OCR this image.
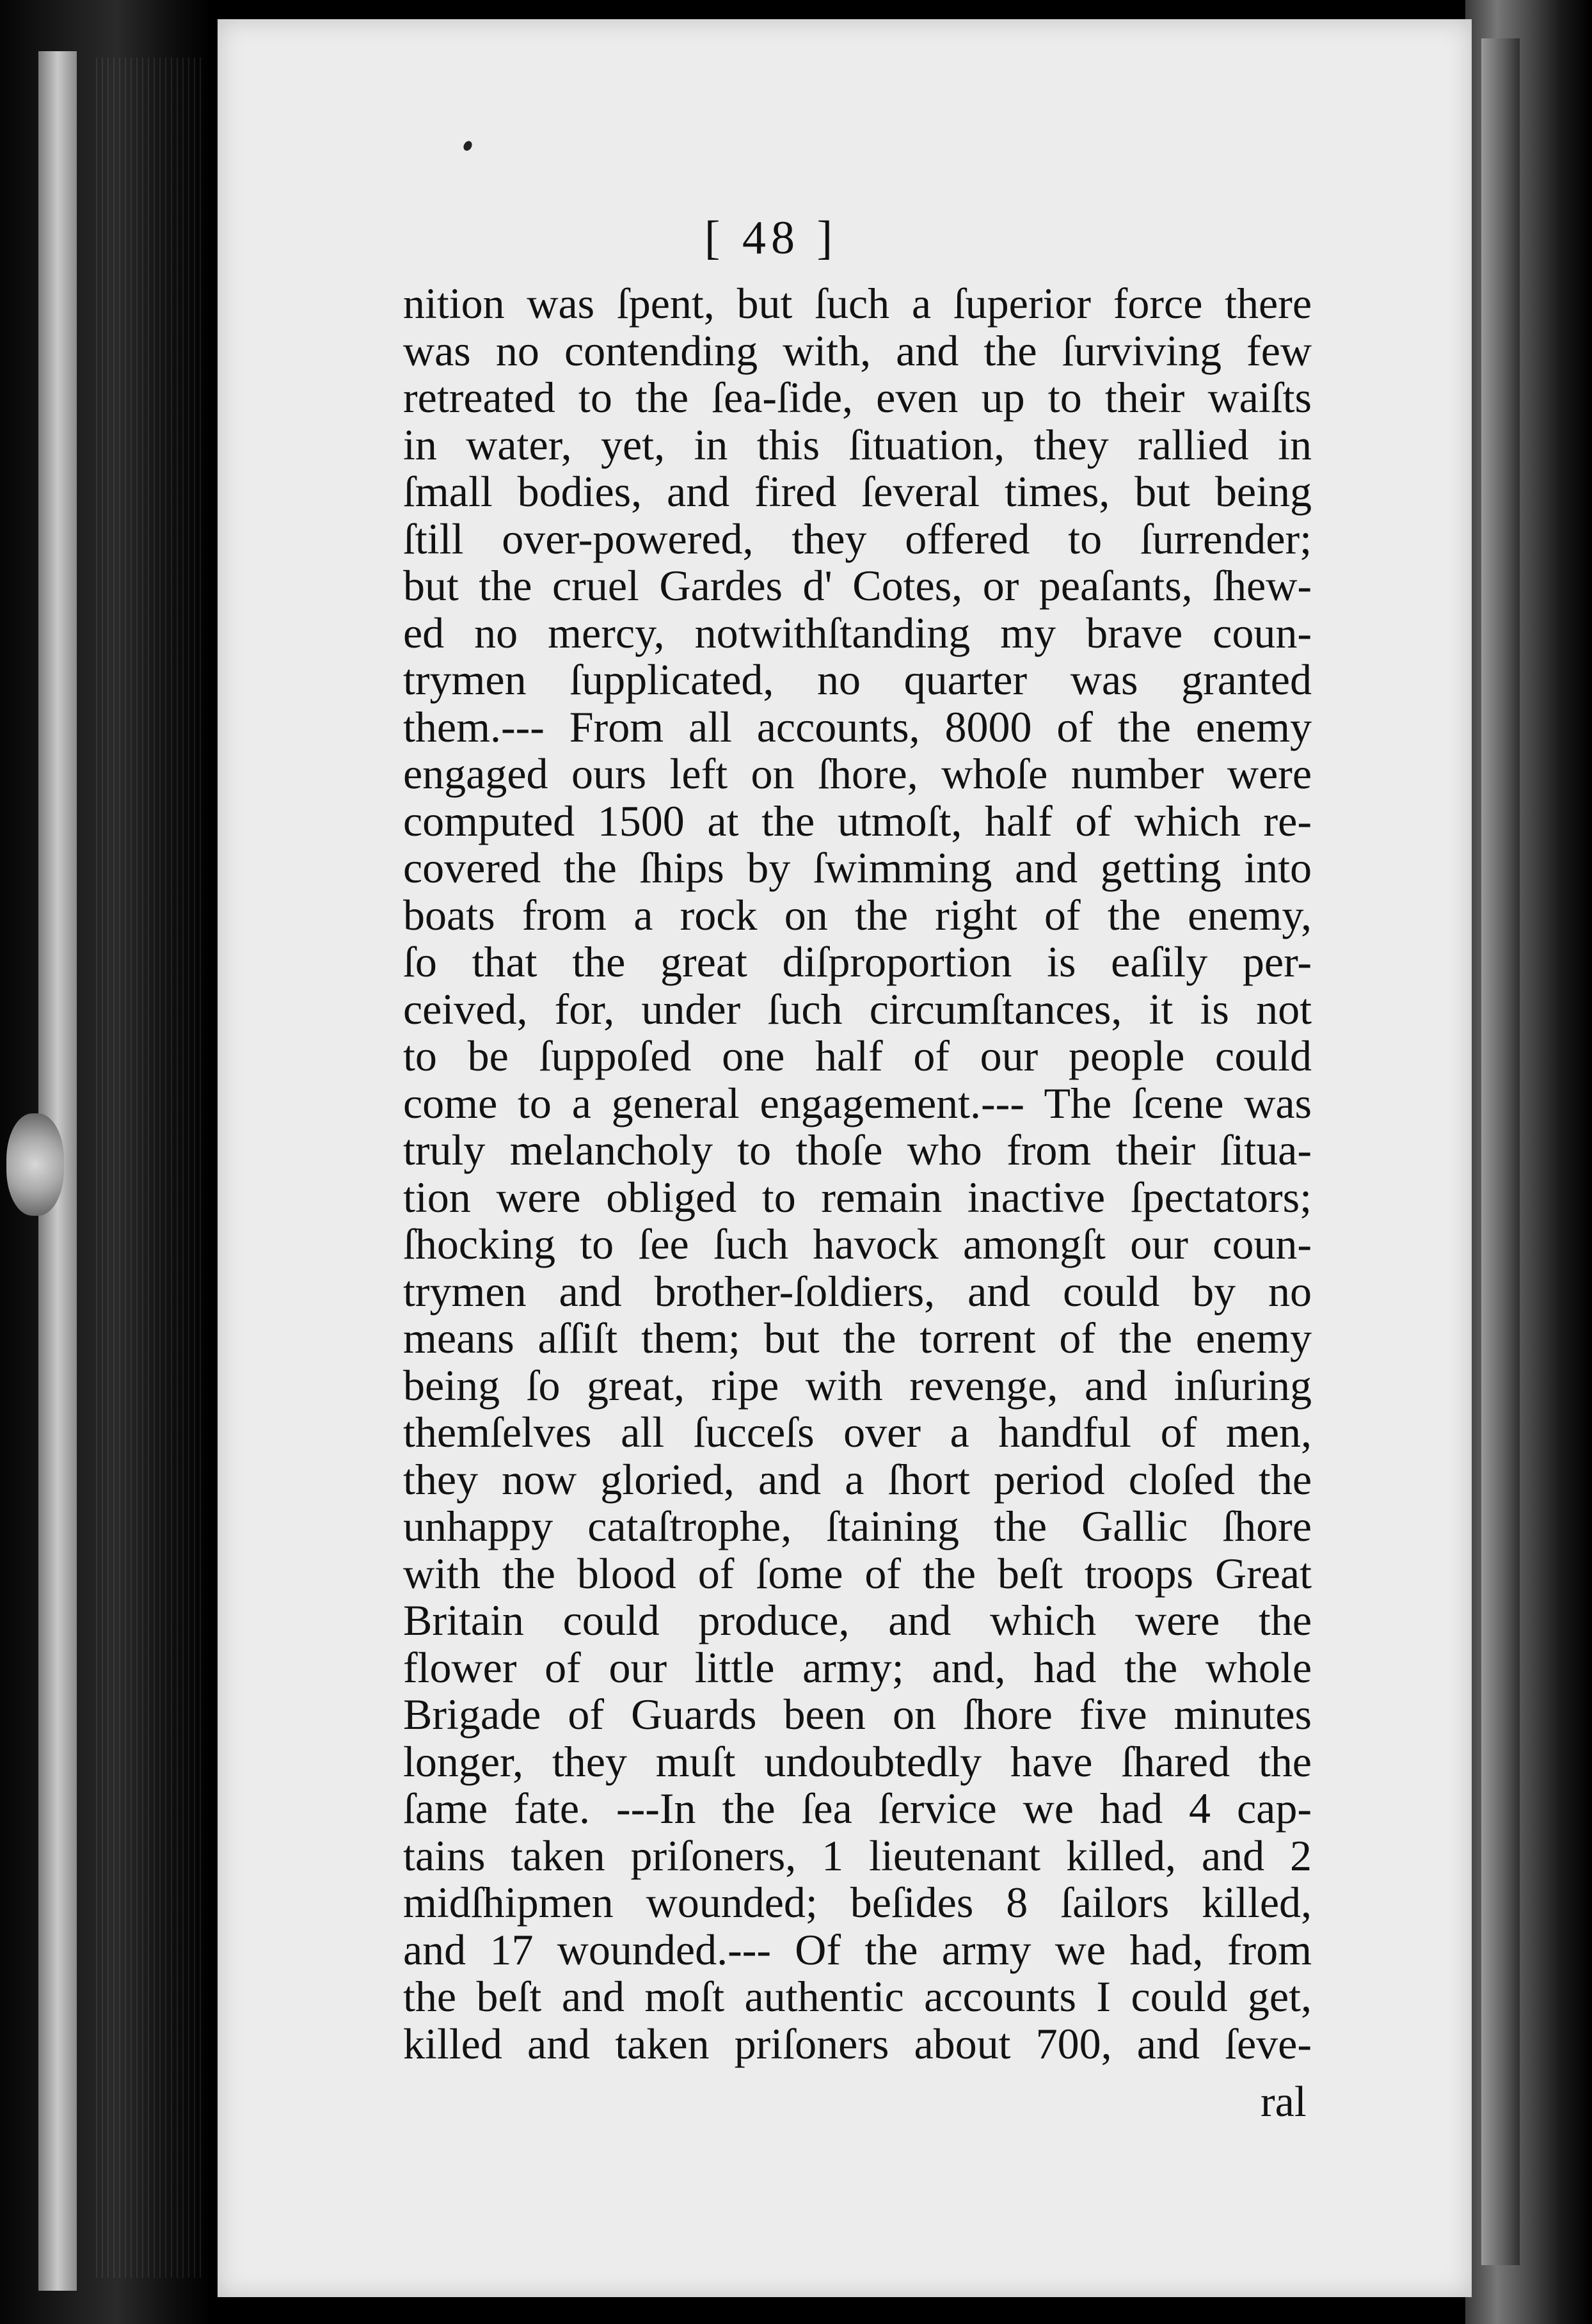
[ 48 ]
nition was ſpent, but ſuch a ſuperior force there
was no contending with, and the ſurviving few
retreated to the ſea-ſide, even up to their waiſts
in water, yet, in this ſituation, they rallied in
ſmall bodies, and fired ſeveral times, but being
ſtill over-powered, they offered to ſurrender;
but the cruel Gardes d' Cotes, or peaſants, ſhew-
ed no mercy, notwithſtanding my brave coun-
trymen ſupplicated, no quarter was granted
them.--- From all accounts, 8000 of the enemy
engaged ours left on ſhore, whoſe number were
computed 1500 at the utmoſt, half of which re-
covered the ſhips by ſwimming and getting into
boats from a rock on the right of the enemy,
ſo that the great diſproportion is eaſily per-
ceived, for, under ſuch circumſtances, it is not
to be ſuppoſed one half of our people could
come to a general engagement.--- The ſcene was
truly melancholy to thoſe who from their ſitua-
tion were obliged to remain inactive ſpectators;
ſhocking to ſee ſuch havock amongſt our coun-
trymen and brother-ſoldiers, and could by no
means aſſiſt them; but the torrent of the enemy
being ſo great, ripe with revenge, and inſuring
themſelves all ſucceſs over a handful of men,
they now gloried, and a ſhort period cloſed the
unhappy cataſtrophe, ſtaining the Gallic ſhore
with the blood of ſome of the beſt troops Great
Britain could produce, and which were the
flower of our little army; and, had the whole
Brigade of Guards been on ſhore five minutes
longer, they muſt undoubtedly have ſhared the
ſame fate. ---In the ſea ſervice we had 4 cap-
tains taken priſoners, 1 lieutenant killed, and 2
midſhipmen wounded; beſides 8 ſailors killed,
and 17 wounded.--- Of the army we had, from
the beſt and moſt authentic accounts I could get,
killed and taken priſoners about 700, and ſeve-
ral
